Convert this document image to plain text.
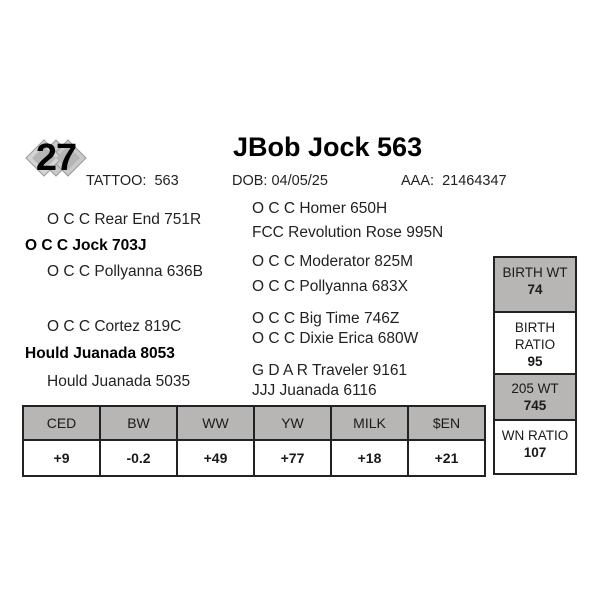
27	JBob Jock 563
TATTOO: 563	DOB: 04/05/25	AAA: 21464347
O C C Rear End 751R
O C C Jock 703J
O C C Pollyanna 636B
O C C Cortez 819C
Hould Juanada 8053
Hould Juanada 5035
O C C Homer 650H
FCC Revolution Rose 995N
O C C Moderator 825M
O C C Pollyanna 683X
O C C Big Time 746Z
O C C Dixie Erica 680W
G D A R Traveler 9161
JJJ Juanada 6116
CED	BW	WW	YW	MILK	$EN
+9	-0.2	+49	+77	+18	+21
BIRTH WT
74
BIRTH RATIO
95
205 WT
745
WN RATIO
107
